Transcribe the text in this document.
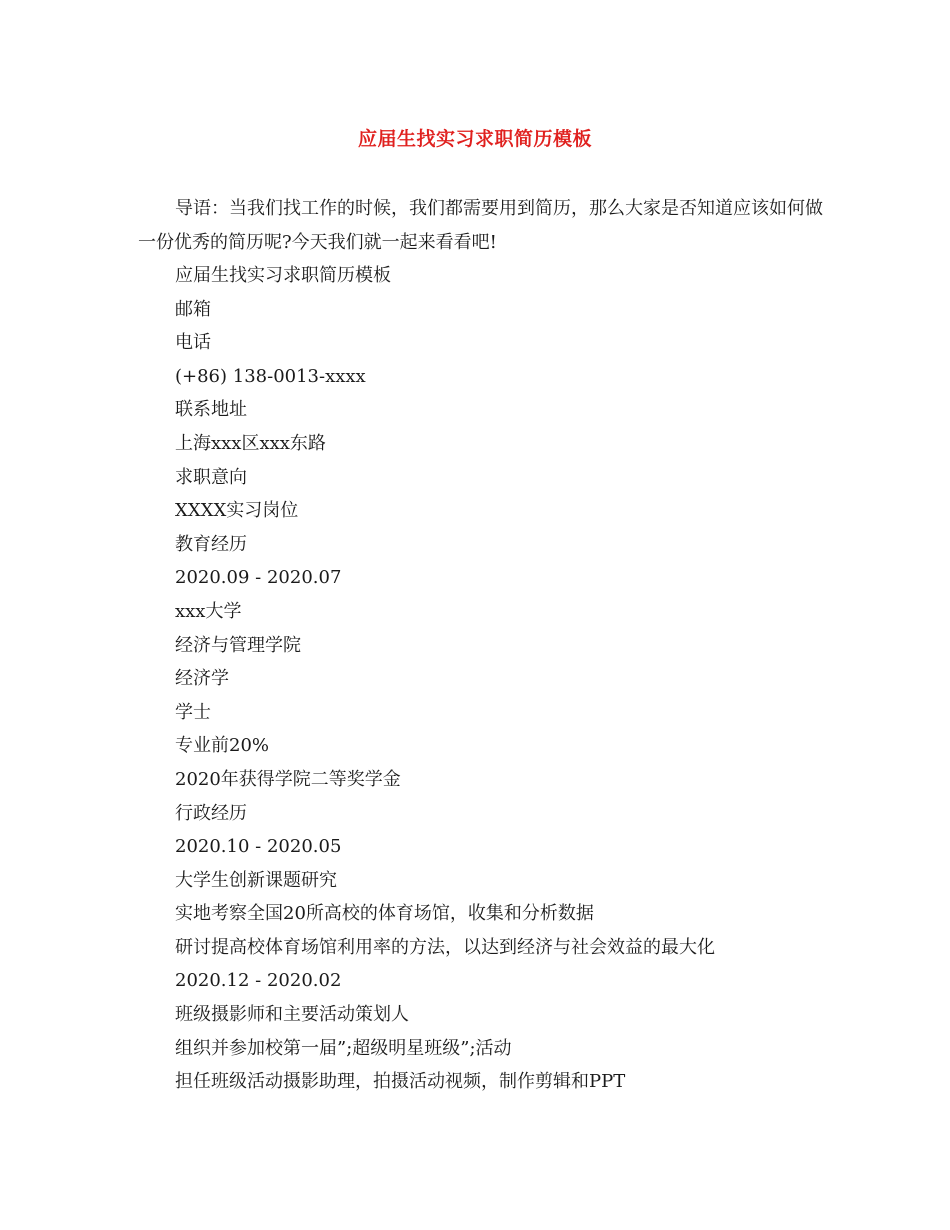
应届生找实习求职简历模板

导语：当我们找工作的时候，我们都需要用到简历，那么大家是否知道应该如何做一份优秀的简历呢?今天我们就一起来看看吧!

应届生找实习求职简历模板
邮箱
电话
(+86) 138-0013-xxxx
联系地址
上海xxx区xxx东路
求职意向
XXXX实习岗位
教育经历
2020.09 - 2020.07
xxx大学
经济与管理学院
经济学
学士
专业前20%
2020年获得学院二等奖学金
行政经历
2020.10 - 2020.05
大学生创新课题研究
实地考察全国20所高校的体育场馆，收集和分析数据
研讨提高校体育场馆利用率的方法，以达到经济与社会效益的最大化
2020.12 - 2020.02
班级摄影师和主要活动策划人
组织并参加校第一届”;超级明星班级”;活动
担任班级活动摄影助理，拍摄活动视频，制作剪辑和PPT
